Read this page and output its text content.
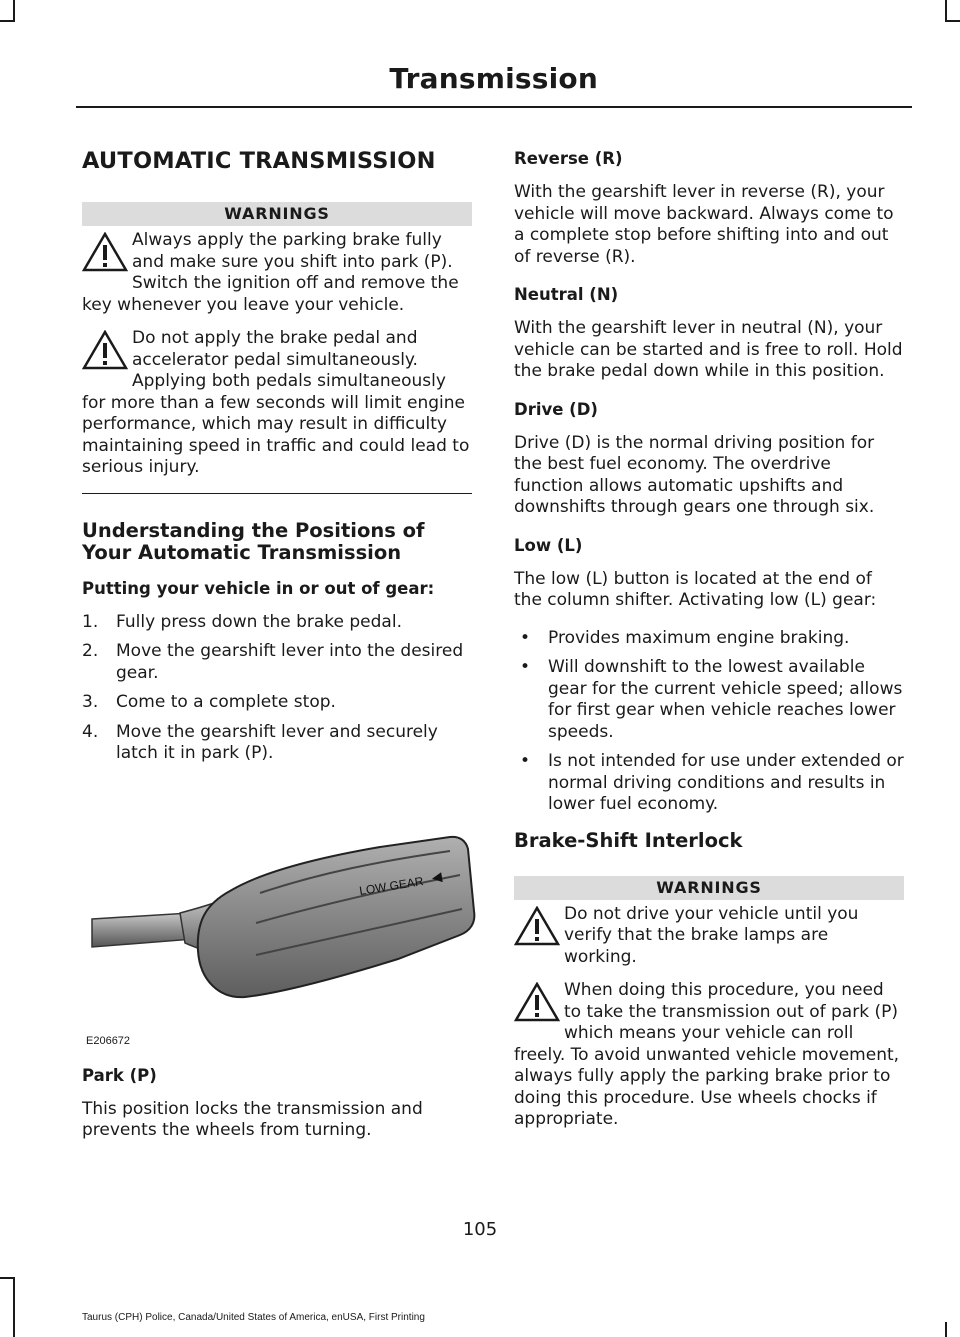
Transmission
AUTOMATIC TRANSMISSION
WARNINGS
Always apply the parking brake fully and make sure you shift into park (P). Switch the ignition off and remove the key whenever you leave your vehicle.
Do not apply the brake pedal and accelerator pedal simultaneously. Applying both pedals simultaneously for more than a few seconds will limit engine performance, which may result in difficulty maintaining speed in traffic and could lead to serious injury.
Understanding the Positions of Your Automatic Transmission
Putting your vehicle in or out of gear:
1. Fully press down the brake pedal.
2. Move the gearshift lever into the desired gear.
3. Come to a complete stop.
4. Move the gearshift lever and securely latch it in park (P).
LOW GEAR
E206672
Park (P)

This position locks the transmission and prevents the wheels from turning.

Reverse (R)

With the gearshift lever in reverse (R), your vehicle will move backward. Always come to a complete stop before shifting into and out of reverse (R).

Neutral (N)

With the gearshift lever in neutral (N), your vehicle can be started and is free to roll. Hold the brake pedal down while in this position.

Drive (D)

Drive (D) is the normal driving position for the best fuel economy. The overdrive function allows automatic upshifts and downshifts through gears one through six.

Low (L)

The low (L) button is located at the end of the column shifter. Activating low (L) gear:

• Provides maximum engine braking.
• Will downshift to the lowest available gear for the current vehicle speed; allows for first gear when vehicle reaches lower speeds.
• Is not intended for use under extended or normal driving conditions and results in lower fuel economy.
Brake-Shift Interlock
WARNINGS
Do not drive your vehicle until you verify that the brake lamps are working.
When doing this procedure, you need to take the transmission out of park (P) which means your vehicle can roll freely. To avoid unwanted vehicle movement, always fully apply the parking brake prior to doing this procedure. Use wheels chocks if appropriate.
105
Taurus (CPH) Police, Canada/United States of America, enUSA, First Printing
